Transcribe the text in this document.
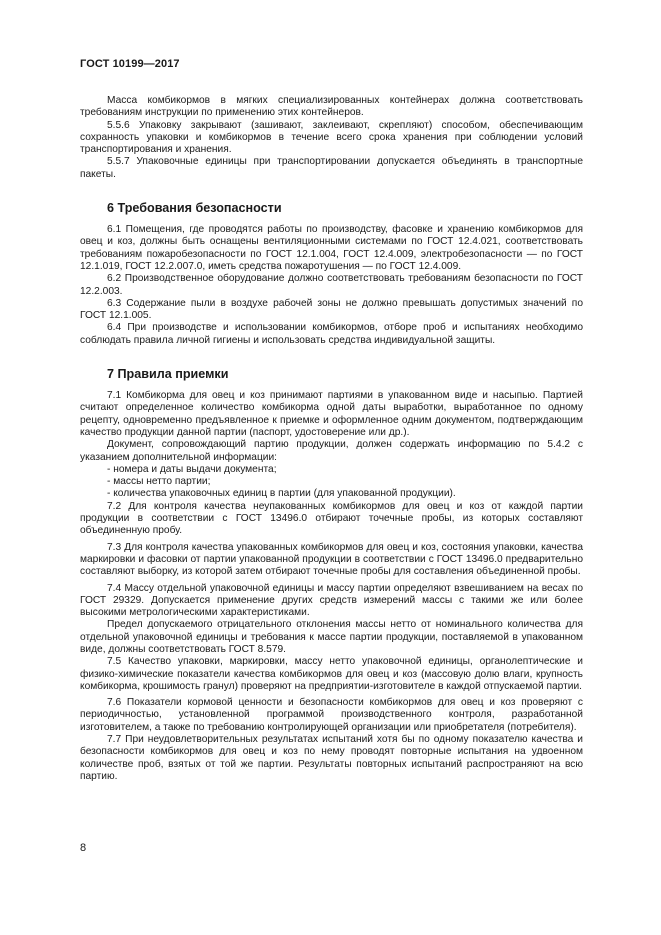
ГОСТ 10199—2017

Масса комбикормов в мягких специализированных контейнерах должна соответствовать требованиям инструкции по применению этих контейнеров.

5.5.6 Упаковку закрывают (зашивают, заклеивают, скрепляют) способом, обеспечивающим сохранность упаковки и комбикормов в течение всего срока хранения при соблюдении условий транспортирования и хранения.

5.5.7 Упаковочные единицы при транспортировании допускается объединять в транспортные пакеты.

6 Требования безопасности

6.1 Помещения, где проводятся работы по производству, фасовке и хранению комбикормов для овец и коз, должны быть оснащены вентиляционными системами по ГОСТ 12.4.021, соответствовать требованиям пожаробезопасности по ГОСТ 12.1.004, ГОСТ 12.4.009, электробезопасности — по ГОСТ 12.1.019, ГОСТ 12.2.007.0, иметь средства пожаротушения — по ГОСТ 12.4.009.

6.2 Производственное оборудование должно соответствовать требованиям безопасности по ГОСТ 12.2.003.

6.3 Содержание пыли в воздухе рабочей зоны не должно превышать допустимых значений по ГОСТ 12.1.005.

6.4 При производстве и использовании комбикормов, отборе проб и испытаниях необходимо соблюдать правила личной гигиены и использовать средства индивидуальной защиты.

7 Правила приемки

7.1 Комбикорма для овец и коз принимают партиями в упакованном виде и насыпью. Партией считают определенное количество комбикорма одной даты выработки, выработанное по одному рецепту, одновременно предъявленное к приемке и оформленное одним документом, подтверждающим качество продукции данной партии (паспорт, удостоверение или др.).

Документ, сопровождающий партию продукции, должен содержать информацию по 5.4.2 с указанием дополнительной информации:

- номера и даты выдачи документа;

- массы нетто партии;

- количества упаковочных единиц в партии (для упакованной продукции).

7.2 Для контроля качества неупакованных комбикормов для овец и коз от каждой партии продукции в соответствии с ГОСТ 13496.0 отбирают точечные пробы, из которых составляют объединенную пробу.

7.3 Для контроля качества упакованных комбикормов для овец и коз, состояния упаковки, качества маркировки и фасовки от партии упакованной продукции в соответствии с ГОСТ 13496.0 предварительно составляют выборку, из которой затем отбирают точечные пробы для составления объединенной пробы.

7.4 Массу отдельной упаковочной единицы и массу партии определяют взвешиванием на весах по ГОСТ 29329. Допускается применение других средств измерений массы с такими же или более высокими метрологическими характеристиками.

Предел допускаемого отрицательного отклонения массы нетто от номинального количества для отдельной упаковочной единицы и требования к массе партии продукции, поставляемой в упакованном виде, должны соответствовать ГОСТ 8.579.

7.5 Качество упаковки, маркировки, массу нетто упаковочной единицы, органолептические и физико-химические показатели качества комбикормов для овец и коз (массовую долю влаги, крупность комбикорма, крошимость гранул) проверяют на предприятии-изготовителе в каждой отпускаемой партии.

7.6 Показатели кормовой ценности и безопасности комбикормов для овец и коз проверяют с периодичностью, установленной программой производственного контроля, разработанной изготовителем, а также по требованию контролирующей организации или приобретателя (потребителя).

7.7 При неудовлетворительных результатах испытаний хотя бы по одному показателю качества и безопасности комбикормов для овец и коз по нему проводят повторные испытания на удвоенном количестве проб, взятых от той же партии. Результаты повторных испытаний распространяют на всю партию.

8
